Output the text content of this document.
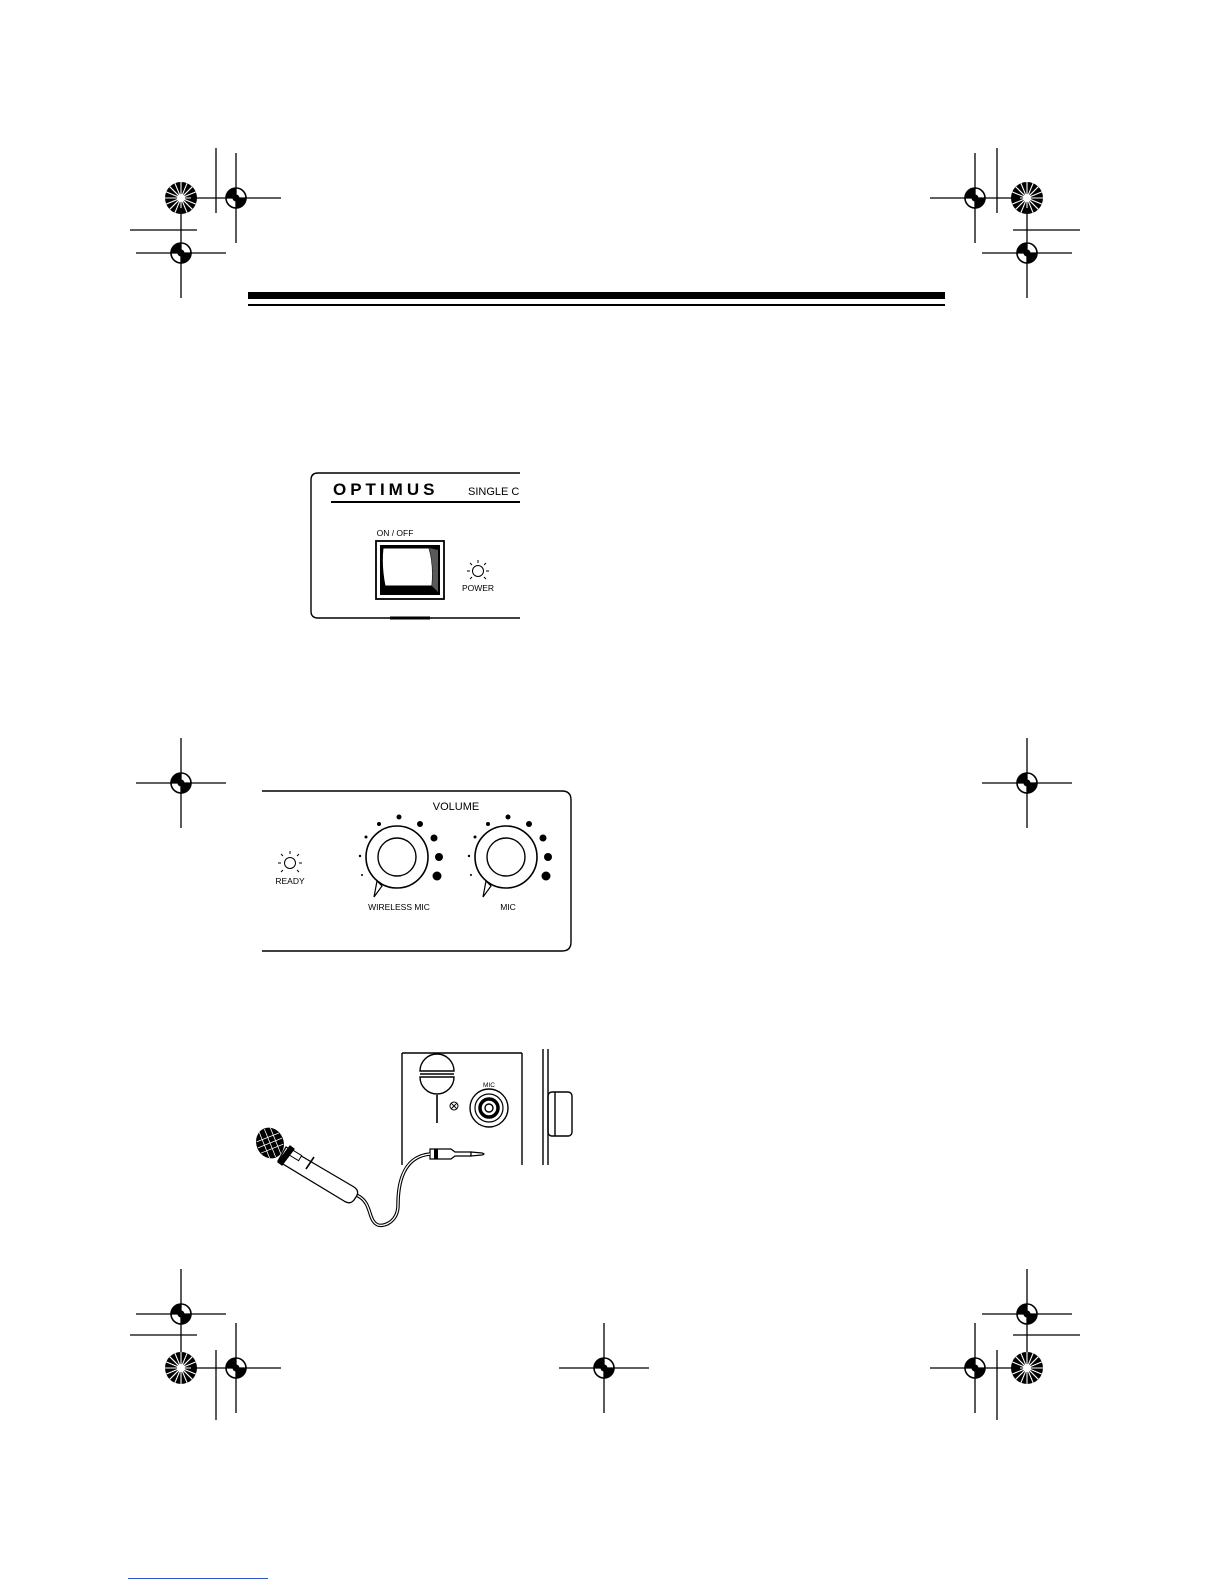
OPTIMUS	SINGLE C
ON / OFF
POWER
VOLUME
READY
WIRELESS MIC	MIC
MIC
